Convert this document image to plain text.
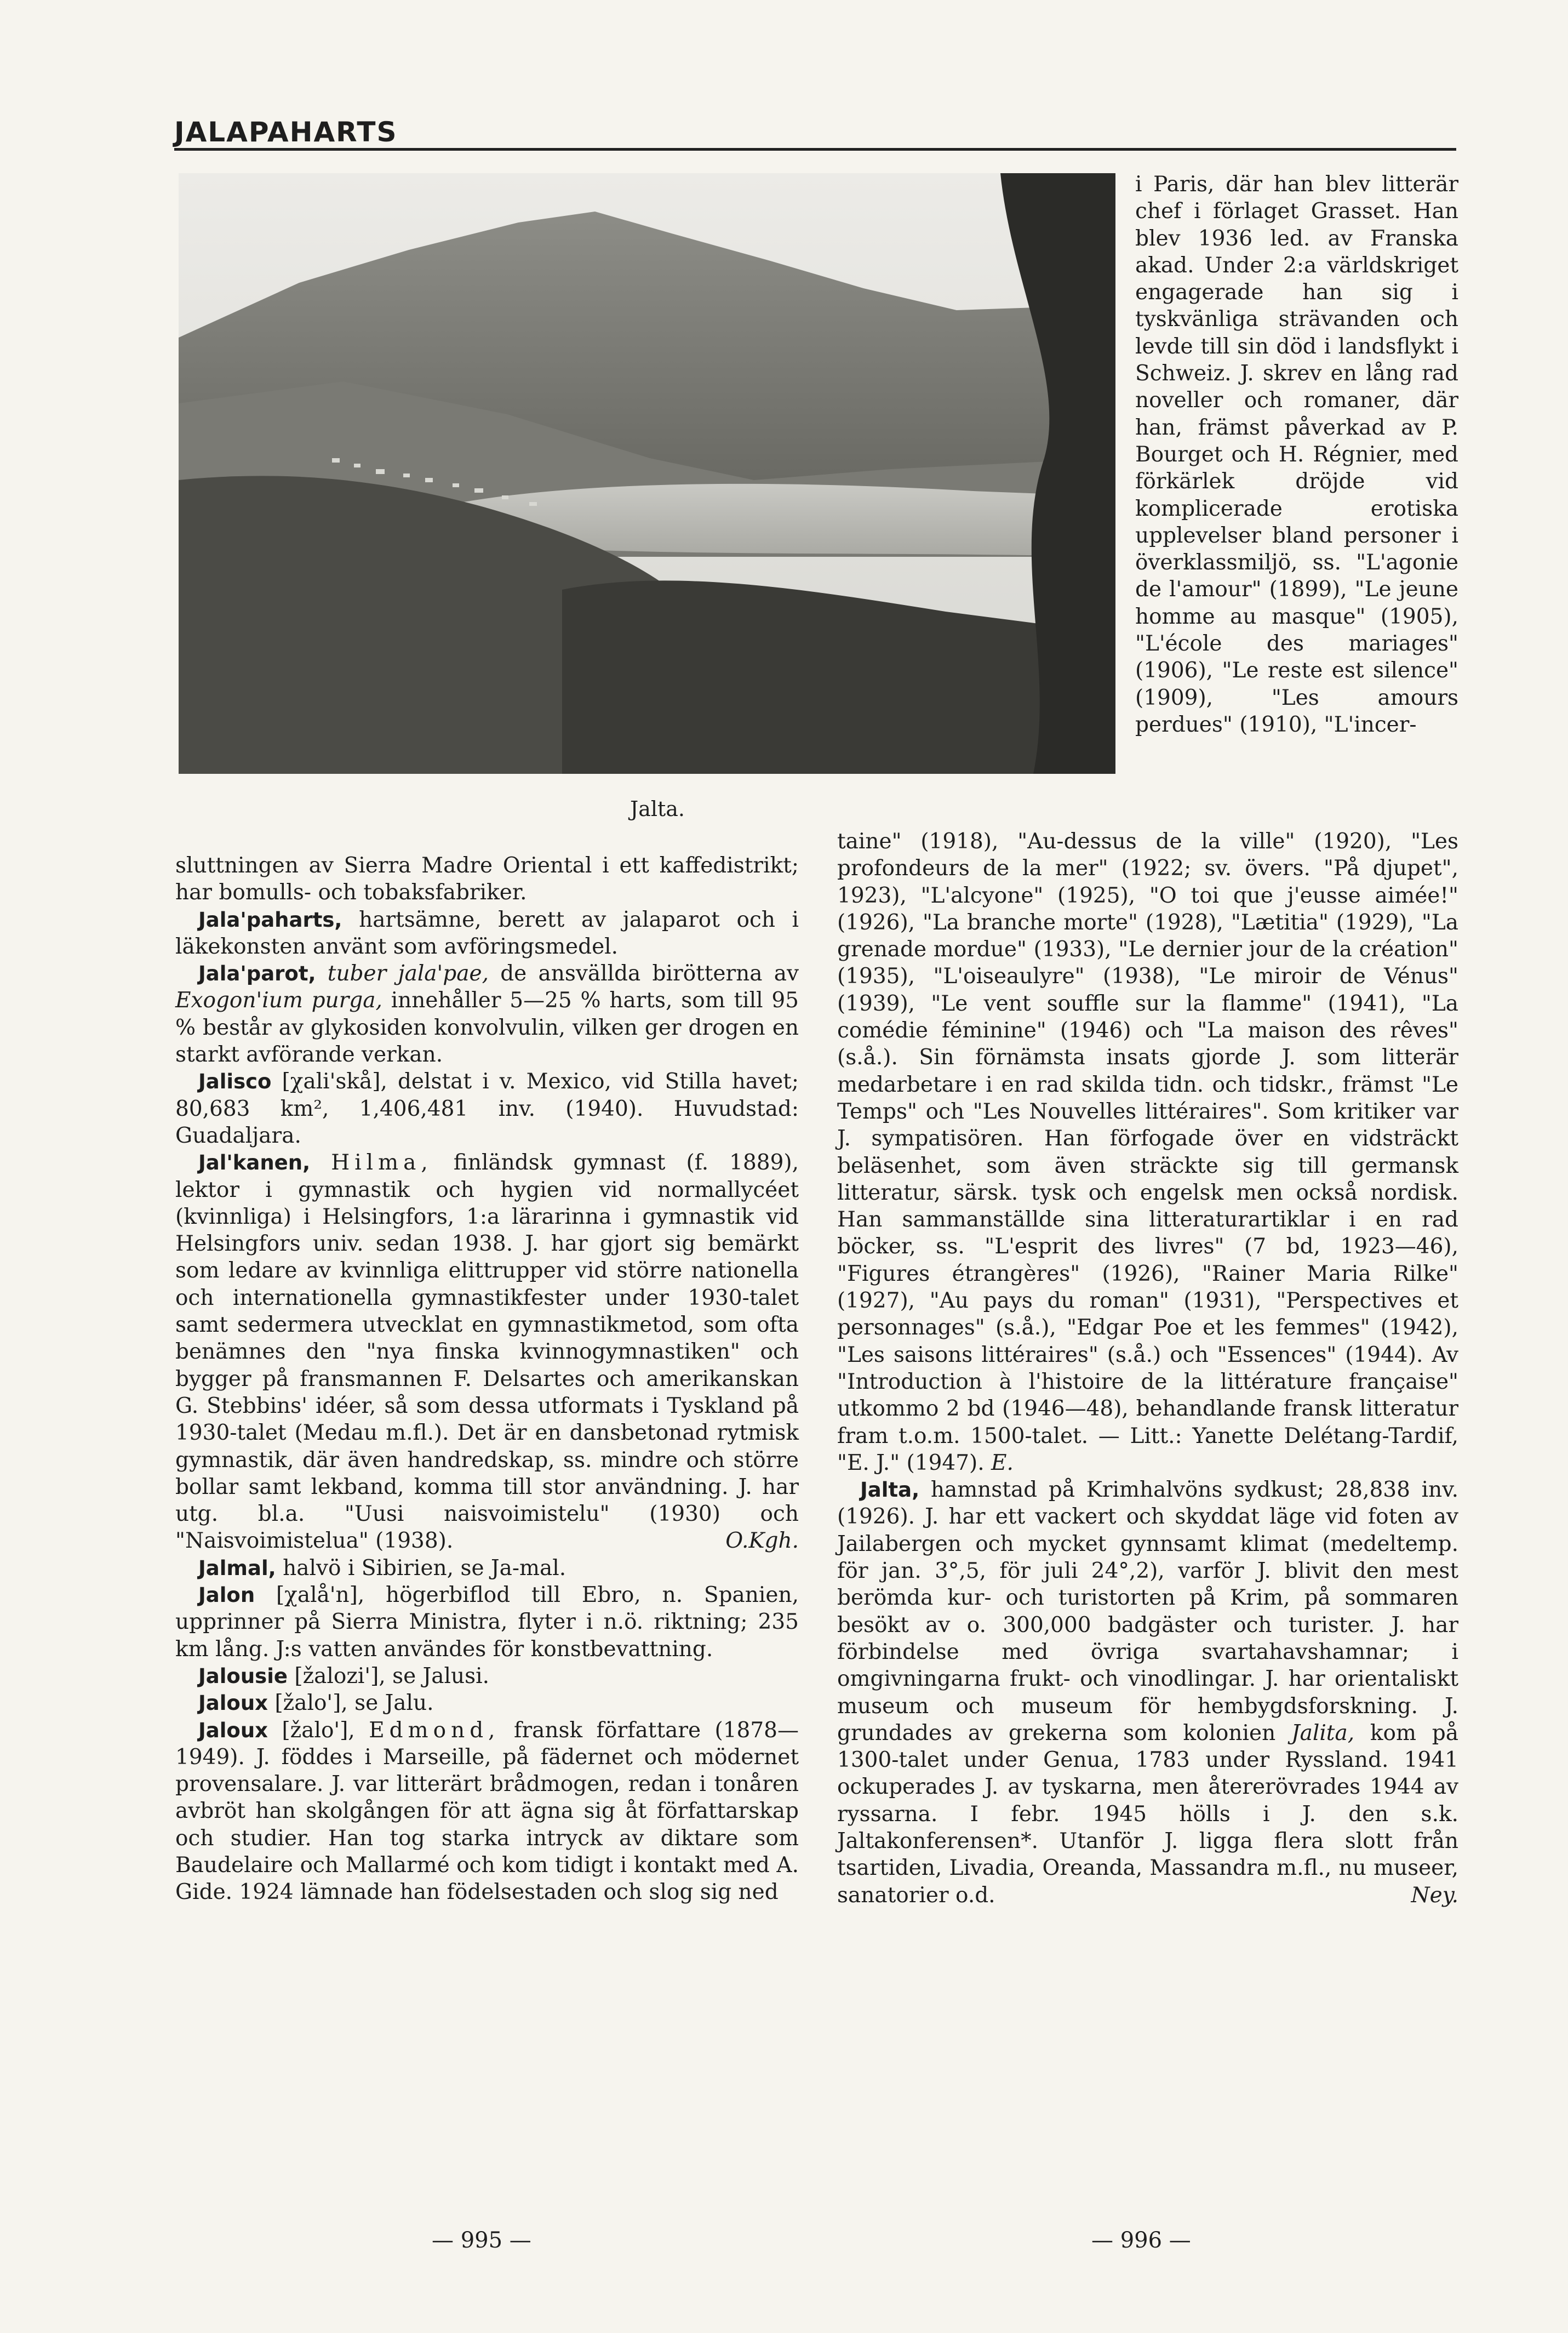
JALAPAHARTS
Jalta.

i Paris, där han blev litterär chef i förlaget Grasset. Han blev 1936 led. av Franska akad. Under 2:a världskriget engagerade han sig i tyskvänliga strävanden och levde till sin död i landsflykt i Schweiz. J. skrev en lång rad noveller och romaner, där han, främst påverkad av P. Bourget och H. Régnier, med förkärlek dröjde vid komplicerade erotiska upplevelser bland personer i överklassmiljö, ss. "L'agonie de l'amour" (1899), "Le jeune homme au masque" (1905), "L'école des mariages" (1906), "Le reste est silence" (1909), "Les amours perdues" (1910), "L'incer-

sluttningen av Sierra Madre Oriental i ett kaffedistrikt; har bomulls- och tobaksfabriker.

Jala'paharts, hartsämne, berett av jalaparot och i läkekonsten använt som avföringsmedel.

Jala'parot, tuber jala'pae, de ansvällda birötterna av Exogon'ium purga, innehåller 5—25 % harts, som till 95 % består av glykosiden konvolvulin, vilken ger drogen en starkt avförande verkan.

Jalisco [χali'skå], delstat i v. Mexico, vid Stilla havet; 80,683 km², 1,406,481 inv. (1940). Huvudstad: Guadaljara.

Jal'kanen, Hilma, finländsk gymnast (f. 1889), lektor i gymnastik och hygien vid normallycéet (kvinnliga) i Helsingfors, 1:a lärarinna i gymnastik vid Helsingfors univ. sedan 1938. J. har gjort sig bemärkt som ledare av kvinnliga elittrupper vid större nationella och internationella gymnastikfester under 1930-talet samt sedermera utvecklat en gymnastikmetod, som ofta benämnes den "nya finska kvinnogymnastiken" och bygger på fransmannen F. Delsartes och amerikanskan G. Stebbins' idéer, så som dessa utformats i Tyskland på 1930-talet (Medau m.fl.). Det är en dansbetonad rytmisk gymnastik, där även handredskap, ss. mindre och större bollar samt lekband, komma till stor användning. J. har utg. bl.a. "Uusi naisvoimistelu" (1930) och "Naisvoimistelua" (1938).	O.Kgh.

Jalmal, halvö i Sibirien, se Ja-mal.

Jalon [χalå'n], högerbiflod till Ebro, n. Spanien, upprinner på Sierra Ministra, flyter i n.ö. riktning; 235 km lång. J:s vatten användes för konstbevattning.

Jalousie [žalozi'], se Jalusi.

Jaloux [žalo'], se Jalu.

Jaloux [žalo'], Edmond, fransk författare (1878—1949). J. föddes i Marseille, på fädernet och mödernet provensalare. J. var litterärt brådmogen, redan i tonåren avbröt han skolgången för att ägna sig åt författarskap och studier. Han tog starka intryck av diktare som Baudelaire och Mallarmé och kom tidigt i kontakt med A. Gide. 1924 lämnade han födelsestaden och slog sig ned

taine" (1918), "Au-dessus de la ville" (1920), "Les profondeurs de la mer" (1922; sv. övers. "På djupet", 1923), "L'alcyone" (1925), "O toi que j'eusse aimée!" (1926), "La branche morte" (1928), "Lætitia" (1929), "La grenade mordue" (1933), "Le dernier jour de la création" (1935), "L'oiseaulyre" (1938), "Le miroir de Vénus" (1939), "Le vent souffle sur la flamme" (1941), "La comédie féminine" (1946) och "La maison des rêves" (s.å.). Sin förnämsta insats gjorde J. som litterär medarbetare i en rad skilda tidn. och tidskr., främst "Le Temps" och "Les Nouvelles littéraires". Som kritiker var J. sympatisören. Han förfogade över en vidsträckt beläsenhet, som även sträckte sig till germansk litteratur, särsk. tysk och engelsk men också nordisk. Han sammanställde sina litteraturartiklar i en rad böcker, ss. "L'esprit des livres" (7 bd, 1923—46), "Figures étrangères" (1926), "Rainer Maria Rilke" (1927), "Au pays du roman" (1931), "Perspectives et personnages" (s.å.), "Edgar Poe et les femmes" (1942), "Les saisons littéraires" (s.å.) och "Essences" (1944). Av "Introduction à l'histoire de la littérature française" utkommo 2 bd (1946—48), behandlande fransk litteratur fram t.o.m. 1500-talet. — Litt.: Yanette Delétang-Tardif, "E. J." (1947). E.

Jalta, hamnstad på Krimhalvöns sydkust; 28,838 inv. (1926). J. har ett vackert och skyddat läge vid foten av Jailabergen och mycket gynnsamt klimat (medeltemp. för jan. 3°,5, för juli 24°,2), varför J. blivit den mest berömda kur- och turistorten på Krim, på sommaren besökt av o. 300,000 badgäster och turister. J. har förbindelse med övriga svartahavshamnar; i omgivningarna frukt- och vinodlingar. J. har orientaliskt museum och museum för hembygdsforskning. J. grundades av grekerna som kolonien Jalita, kom på 1300-talet under Genua, 1783 under Ryssland. 1941 ockuperades J. av tyskarna, men återerövrades 1944 av ryssarna. I febr. 1945 hölls i J. den s.k. Jaltakonferensen*. Utanför J. ligga flera slott från tsartiden, Livadia, Oreanda, Massandra m.fl., nu museer, sanatorier o.d.	Ney.

— 995 —	— 996 —
